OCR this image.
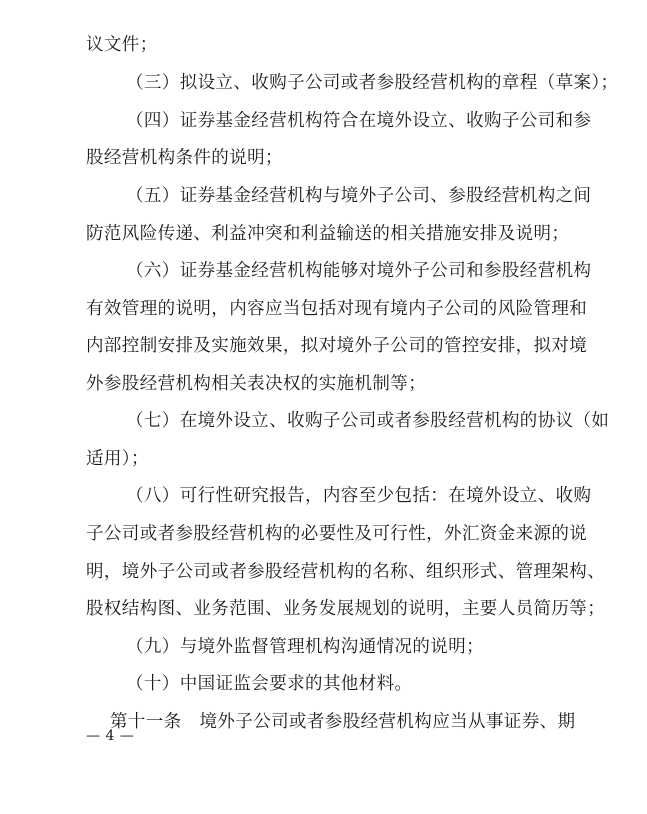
议文件；
（三）拟设立、收购子公司或者参股经营机构的章程（草案）；
（四）证券基金经营机构符合在境外设立、收购子公司和参
股经营机构条件的说明；
（五）证券基金经营机构与境外子公司、参股经营机构之间
防范风险传递、利益冲突和利益输送的相关措施安排及说明；
（六）证券基金经营机构能够对境外子公司和参股经营机构
有效管理的说明，内容应当包括对现有境内子公司的风险管理和
内部控制安排及实施效果，拟对境外子公司的管控安排，拟对境
外参股经营机构相关表决权的实施机制等；
（七）在境外设立、收购子公司或者参股经营机构的协议（如
适用）；
（八）可行性研究报告，内容至少包括：在境外设立、收购
子公司或者参股经营机构的必要性及可行性，外汇资金来源的说
明，境外子公司或者参股经营机构的名称、组织形式、管理架构、
股权结构图、业务范围、业务发展规划的说明，主要人员简历等；
（九）与境外监督管理机构沟通情况的说明；
（十）中国证监会要求的其他材料。
第十一条　境外子公司或者参股经营机构应当从事证券、期
— 4 —
